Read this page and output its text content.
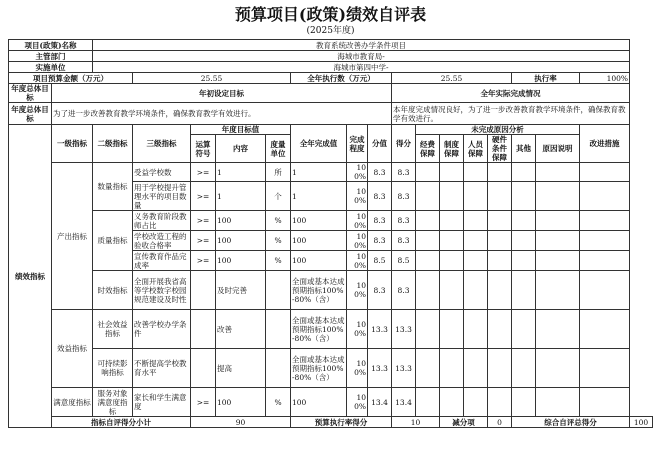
预算项目(政策)绩效自评表
(2025年度)
项目(政策)名称		教育系统改善办学条件项目																
主管部门		海城市教育局-																
实施单位		海城市第四中学-																
项目预算金额（万元）			25.55				全年执行数（万元）			25.55					执行率		100%	
年度总体目标	年初设定目标									全年实际完成情况								
年度总体目标	为了进一步改善教育教学环境条件，确保教育教学有效进行。									本年度完成情况良好，为了进一步改善教育教学环境条件，确保教育教学有效进行。								
绩效指标	一级指标	二级指标	三级指标	年度目标值			全年完成值	完成程度	分值	得分	未完成原因分析						改进措施	
				运算符号	内容	度量单位					经费保障	制度保障	人员保障	硬件条件保障	其他	原因说明		
	产出指标	数量指标	受益学校数	>=	1	所	1	100%	8.3	8.3								
			用于学校提升管理水平的项目数量	>=	1	个	1	100%	8.3	8.3								
		质量指标	义务教育阶段教师占比	>=	100	%	100	100%	8.3	8.3								
			学校改造工程的验收合格率	>=	100	%	100	100%	8.3	8.3								
			宣传教育作品完成率	>=	100	%	100	100%	8.5	8.5								
		时效指标	全面开展我省高等学校数字校园规范建设及时性		及时完善		全面或基本达成预期指标100%-80%（含）	100%	8.3	8.3								
	效益指标	社会效益指标	改善学校办学条件		改善		全面或基本达成预期指标100%-80%（含）	100%	13.3	13.3								
		可持续影响指标	不断提高学校教育水平		提高		全面或基本达成预期指标100%-80%（含）	100%	13.3	13.3								
	满意度指标	服务对象满意度指标	家长和学生满意度	>=	100	%	100	100%	13.4	13.4								
	指标自评得分小计			90			预算执行率得分			10		减分项		0	综合自评总得分			100
